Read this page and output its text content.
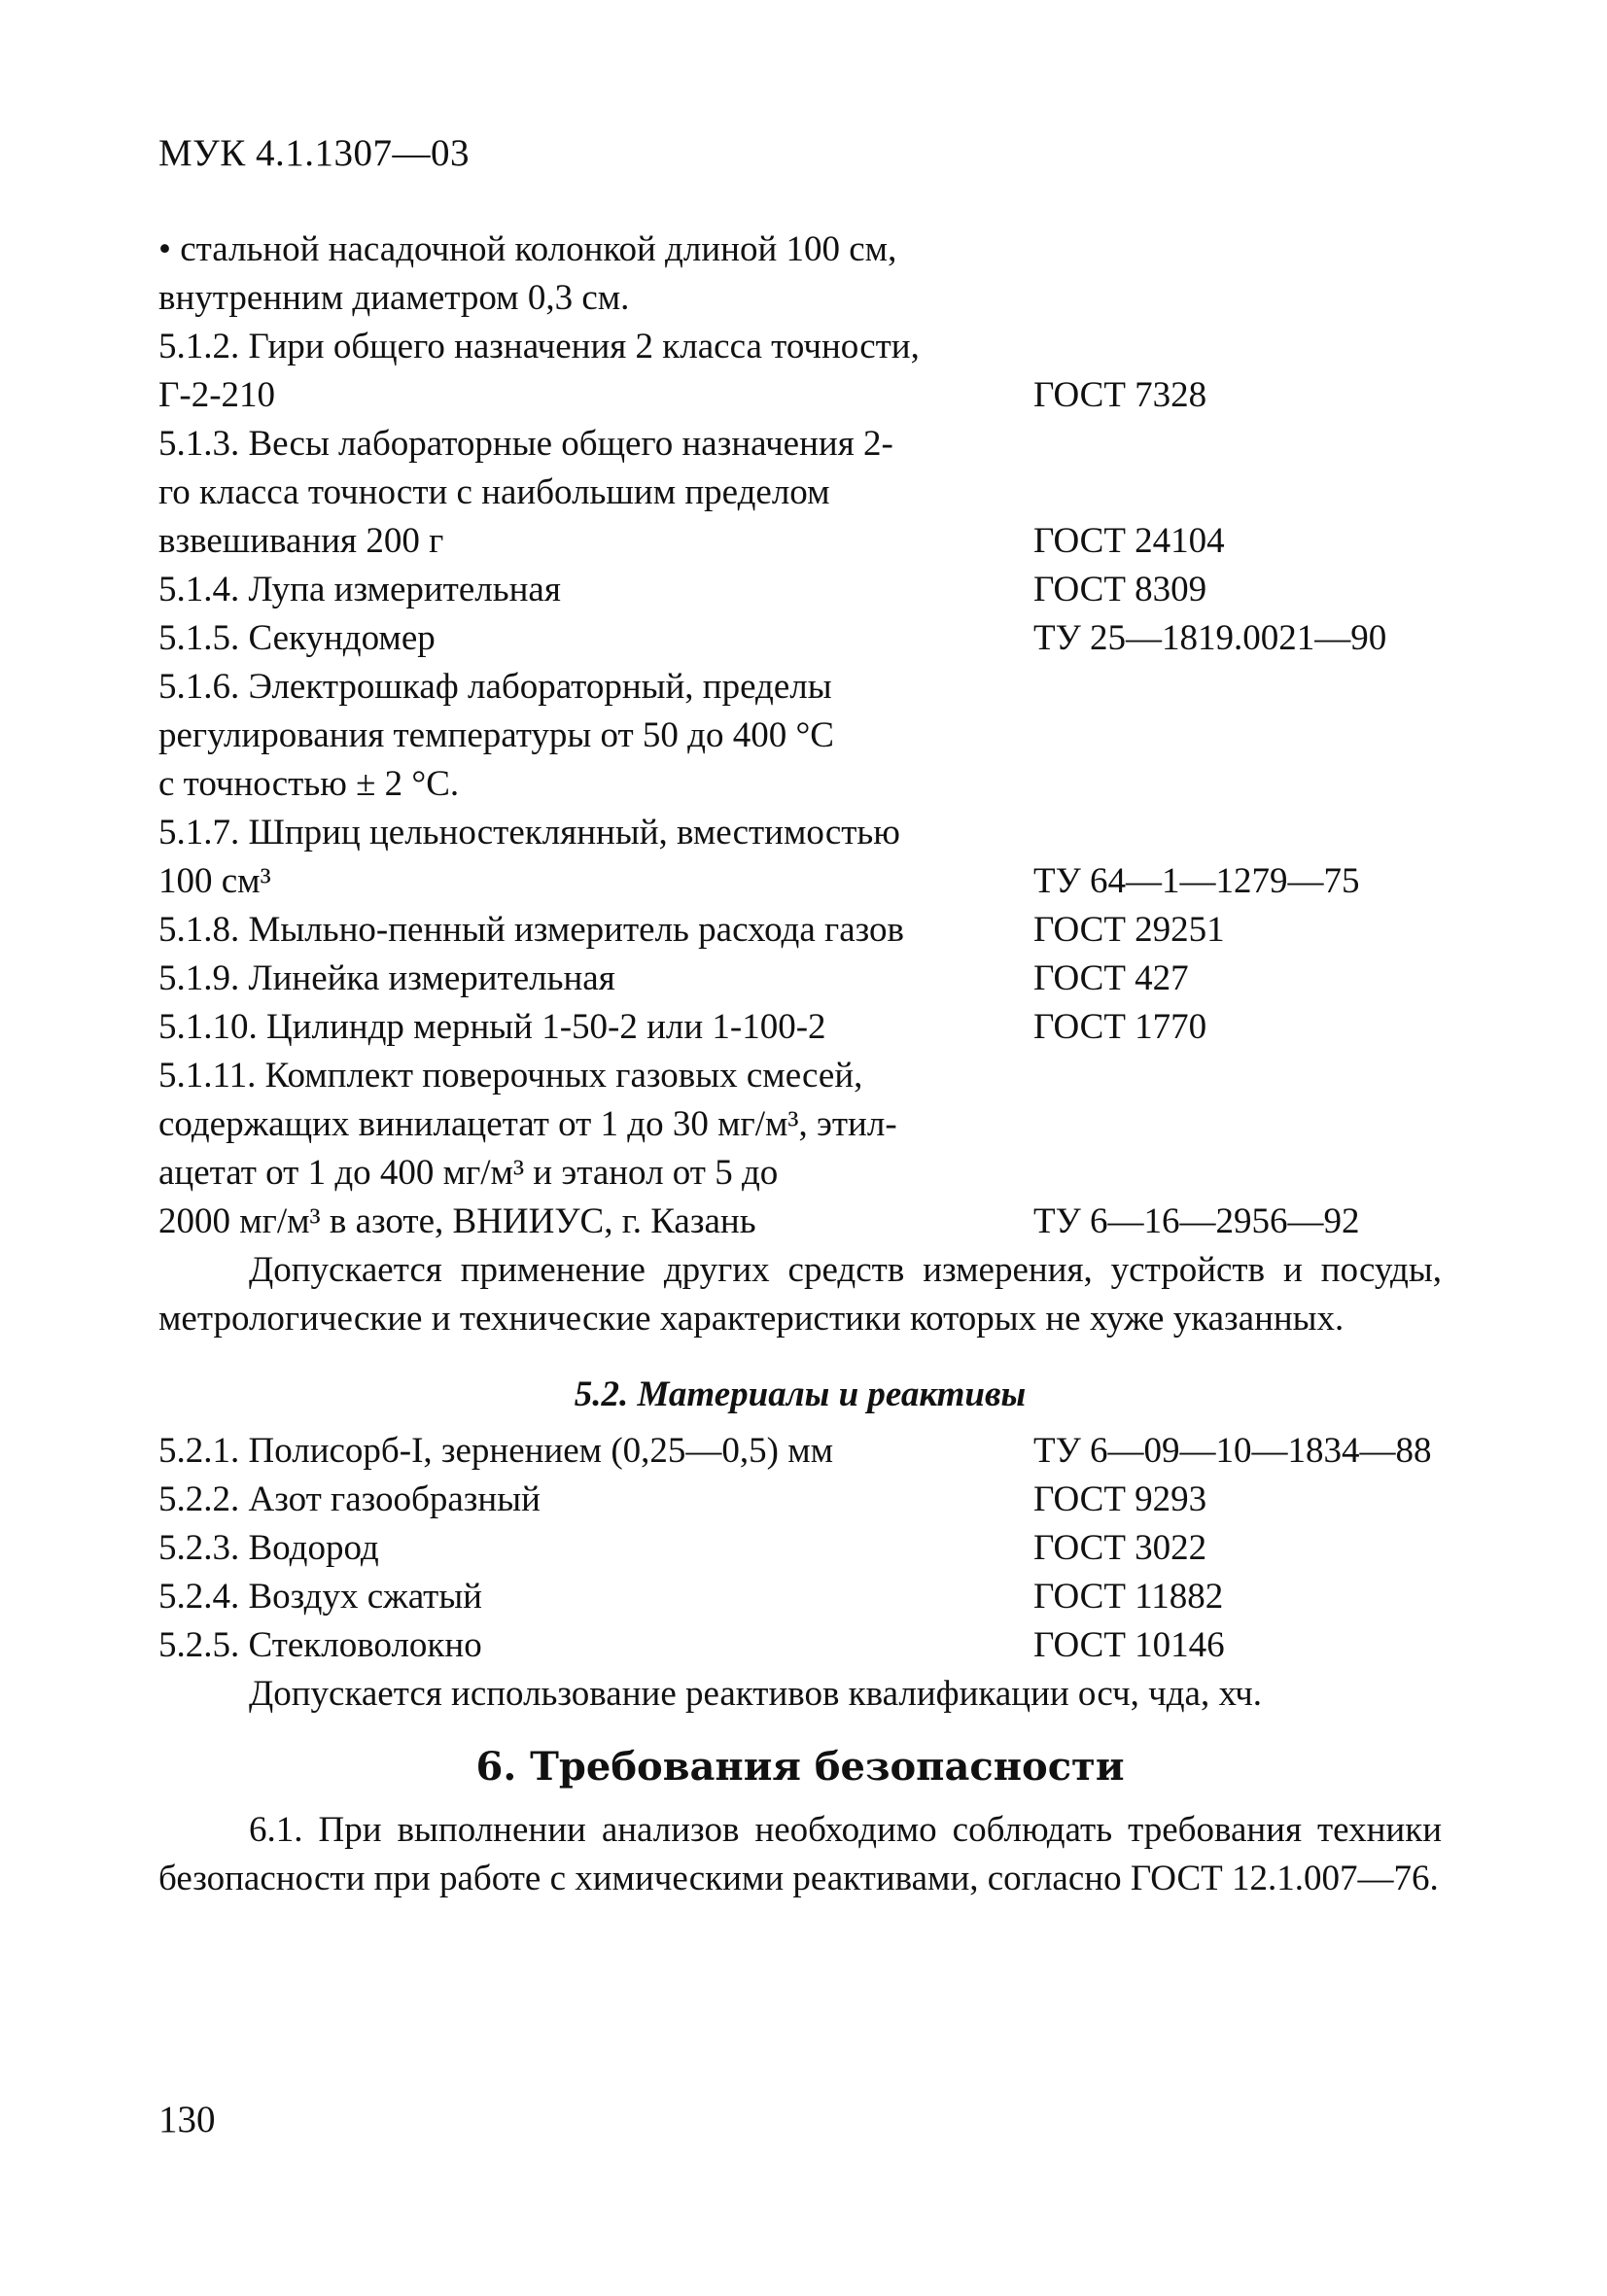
МУК 4.1.1307—03
• стальной насадочной колонкой длиной 100 см,
внутренним диаметром 0,3 см.
5.1.2. Гири общего назначения 2 класса точности,
Г-2-210	ГОСТ 7328
5.1.3. Весы лабораторные общего назначения 2-
го класса точности с наибольшим пределом
взвешивания 200 г	ГОСТ 24104
5.1.4. Лупа измерительная	ГОСТ 8309
5.1.5. Секундомер	ТУ 25—1819.0021—90
5.1.6. Электрошкаф лабораторный, пределы
регулирования температуры от 50 до 400 °С
с точностью ± 2 °С.
5.1.7. Шприц цельностеклянный, вместимостью
100 см³	ТУ 64—1—1279—75
5.1.8. Мыльно-пенный измеритель расхода газов	ГОСТ 29251
5.1.9. Линейка измерительная	ГОСТ 427
5.1.10. Цилиндр мерный 1-50-2 или 1-100-2	ГОСТ 1770
5.1.11. Комплект поверочных газовых смесей,
содержащих винилацетат от 1 до 30 мг/м³, этил-
ацетат от 1 до 400 мг/м³ и этанол от 5 до
2000 мг/м³ в азоте, ВНИИУС, г. Казань	ТУ 6—16—2956—92

Допускается применение других средств измерения, устройств и посуды, метрологические и технические характеристики которых не хуже указанных.

5.2. Материалы и реактивы
5.2.1. Полисорб-I, зернением (0,25—0,5) мм	ТУ 6—09—10—1834—88
5.2.2. Азот газообразный	ГОСТ 9293
5.2.3. Водород	ГОСТ 3022
5.2.4. Воздух сжатый	ГОСТ 11882
5.2.5. Стекловолокно	ГОСТ 10146

Допускается использование реактивов квалификации осч, чда, хч.

6. Требования безопасности

6.1. При выполнении анализов необходимо соблюдать требования техники безопасности при работе с химическими реактивами, согласно ГОСТ 12.1.007—76.

130
